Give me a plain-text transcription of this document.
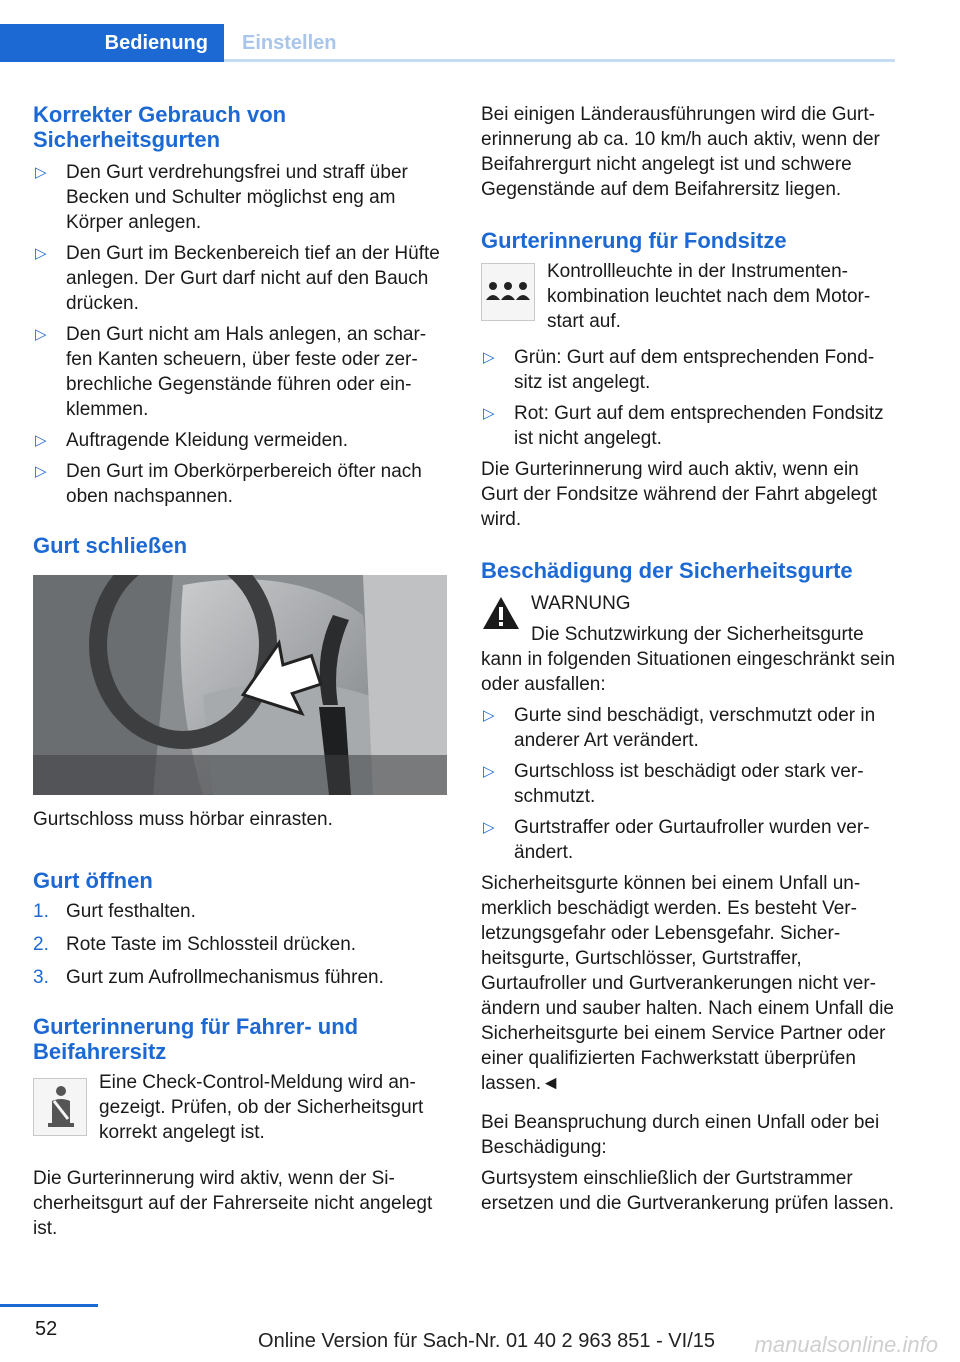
Bedienung	Einstellen
Korrekter Gebrauch von Sicherheitsgurten
▷ Den Gurt verdrehungsfrei und straff über Becken und Schulter möglichst eng am Körper anlegen.
▷ Den Gurt im Beckenbereich tief an der Hüfte anlegen. Der Gurt darf nicht auf den Bauch drücken.
▷ Den Gurt nicht am Hals anlegen, an scharfen Kanten scheuern, über feste oder zerbrechliche Gegenstände führen oder einklemmen.
▷ Auftragende Kleidung vermeiden.
▷ Den Gurt im Oberkörperbereich öfter nach oben nachspannen.
Gurt schließen

Gurtschloss muss hörbar einrasten.

Gurt öffnen
1. Gurt festhalten.
2. Rote Taste im Schlossteil drücken.
3. Gurt zum Aufrollmechanismus führen.
Gurterinnerung für Fahrer- und Beifahrersitz

Eine Check-Control-Meldung wird angezeigt. Prüfen, ob der Sicherheitsgurt korrekt angelegt ist.

Die Gurterinnerung wird aktiv, wenn der Sicherheitsgurt auf der Fahrerseite nicht angelegt ist.

Bei einigen Länderausführungen wird die Gurterinnerung ab ca. 10 km/h auch aktiv, wenn der Beifahrergurt nicht angelegt ist und schwere Gegenstände auf dem Beifahrersitz liegen.

Gurterinnerung für Fondsitze

Kontrollleuchte in der Instrumentenkombination leuchtet nach dem Motorstart auf.

▷ Grün: Gurt auf dem entsprechenden Fondsitz ist angelegt.
▷ Rot: Gurt auf dem entsprechenden Fondsitz ist nicht angelegt.

Die Gurterinnerung wird auch aktiv, wenn ein Gurt der Fondsitze während der Fahrt abgelegt wird.

Beschädigung der Sicherheitsgurte

WARNUNG

Die Schutzwirkung der Sicherheitsgurte

kann in folgenden Situationen eingeschränkt sein oder ausfallen:

▷ Gurte sind beschädigt, verschmutzt oder in anderer Art verändert.
▷ Gurtschloss ist beschädigt oder stark verschmutzt.
▷ Gurtstraffer oder Gurtaufroller wurden verändert.

Sicherheitsgurte können bei einem Unfall unmerklich beschädigt werden. Es besteht Verletzungsgefahr oder Lebensgefahr. Sicherheitsgurte, Gurtschlösser, Gurtstraffer, Gurtaufroller und Gurtverankerungen nicht verändern und sauber halten. Nach einem Unfall die Sicherheitsgurte bei einem Service Partner oder einer qualifizierten Fachwerkstatt überprüfen lassen.◄

Bei Beanspruchung durch einen Unfall oder bei Beschädigung:

Gurtsystem einschließlich der Gurtstrammer ersetzen und die Gurtverankerung prüfen lassen.

52
Online Version für Sach-Nr. 01 40 2 963 851 - VI/15 manualsonline.info
